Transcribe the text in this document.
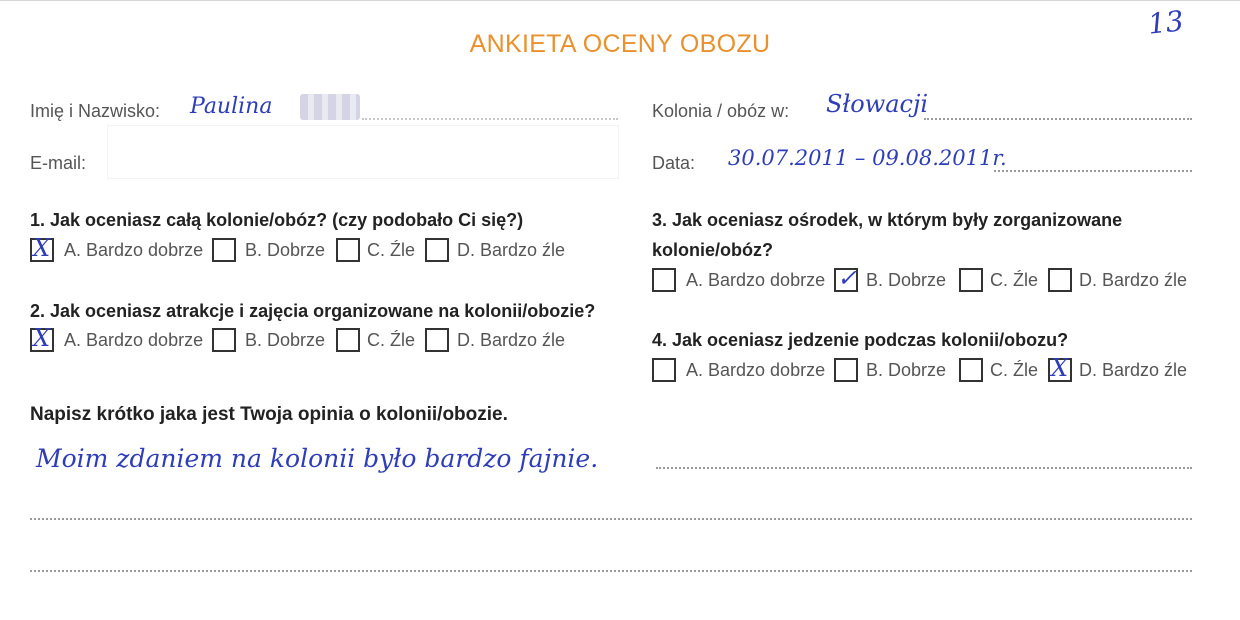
13
ANKIETA OCENY OBOZU
Imię i Nazwisko: Paulina	Kolonia / obóz w: Słowacji
E-mail:	Data: 30.07.2011 – 09.08.2011r.
1. Jak oceniasz całą kolonie/obóz? (czy podobało Ci się?)
X A. Bardzo dobrze B. Dobrze C. Źle D. Bardzo źle
2. Jak oceniasz atrakcje i zajęcia organizowane na kolonii/obozie?
X A. Bardzo dobrze B. Dobrze C. Źle D. Bardzo źle
3. Jak oceniasz ośrodek, w którym były zorganizowane
kolonie/obóz?
A. Bardzo dobrze ✓ B. Dobrze C. Źle D. Bardzo źle
4. Jak oceniasz jedzenie podczas kolonii/obozu?
A. Bardzo dobrze B. Dobrze C. Źle X D. Bardzo źle
Napisz krótko jaka jest Twoja opinia o kolonii/obozie.
Moim zdaniem na kolonii było bardzo fajnie.
